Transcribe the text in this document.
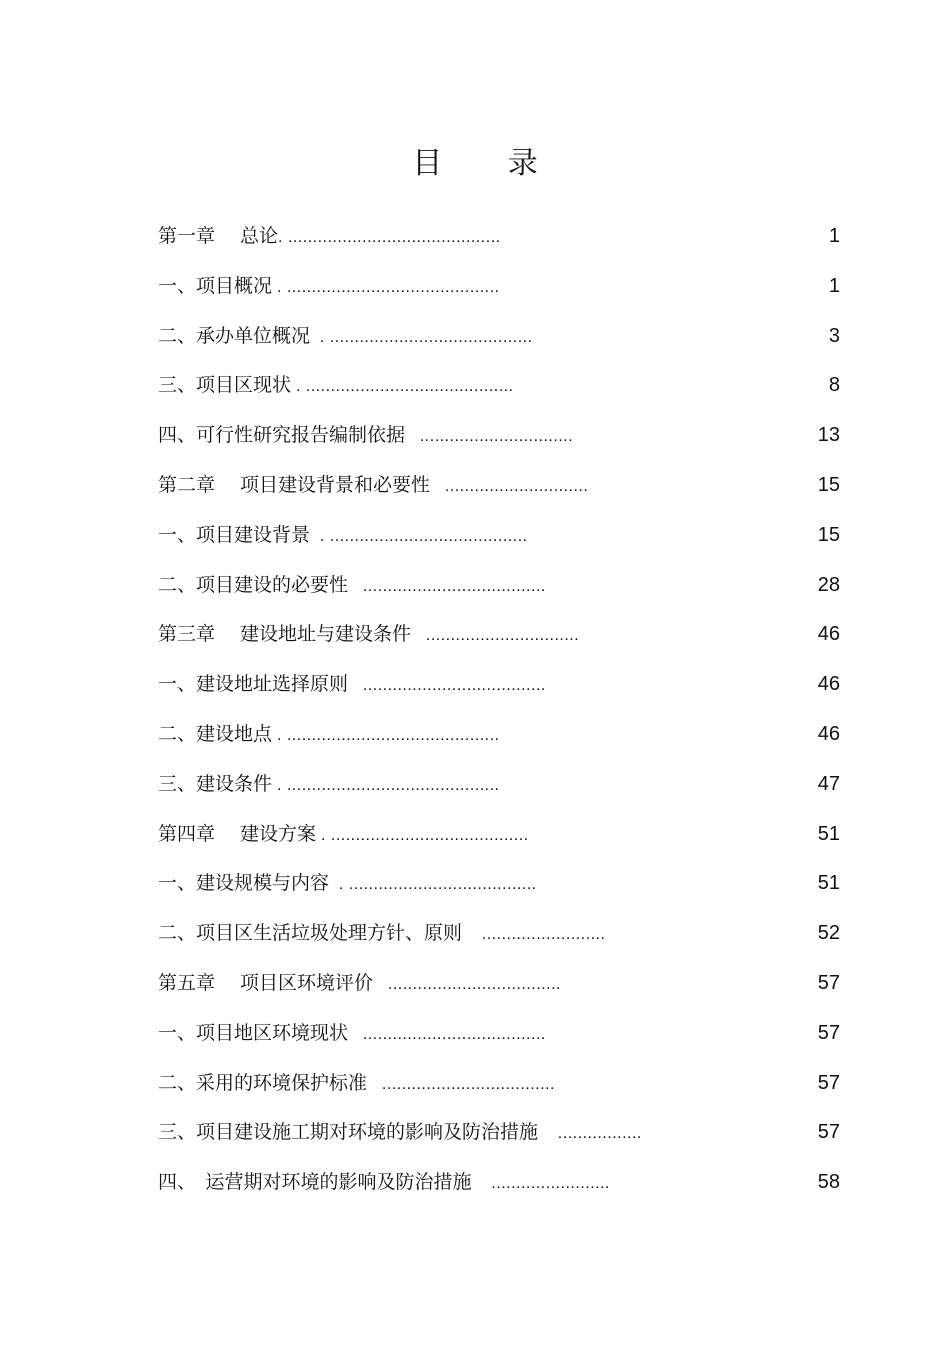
目 录
第一章　 总论. ...........................................	1
一、项目概况 . ...........................................	1
二、承办单位概况  . .........................................	3
三、项目区现状 . ..........................................	8
四、可行性研究报告编制依据   ...............................	13
第二章　 项目建设背景和必要性   .............................	15
一、项目建设背景  . ........................................	15
二、项目建设的必要性   .....................................	28
第三章　 建设地址与建设条件   ...............................	46
一、建设地址选择原则   .....................................	46
二、建设地点 . ...........................................	46
三、建设条件 . ...........................................	47
第四章　 建设方案 . ........................................	51
一、建设规模与内容  . ......................................	51
二、项目区生活垃圾处理方针、原则    .........................	52
第五章　 项目区环境评价   ...................................	57
一、项目地区环境现状   .....................................	57
二、采用的环境保护标准   ...................................	57
三、项目建设施工期对环境的影响及防治措施    .................	57
四、　运营期对环境的影响及防治措施    ........................	58
